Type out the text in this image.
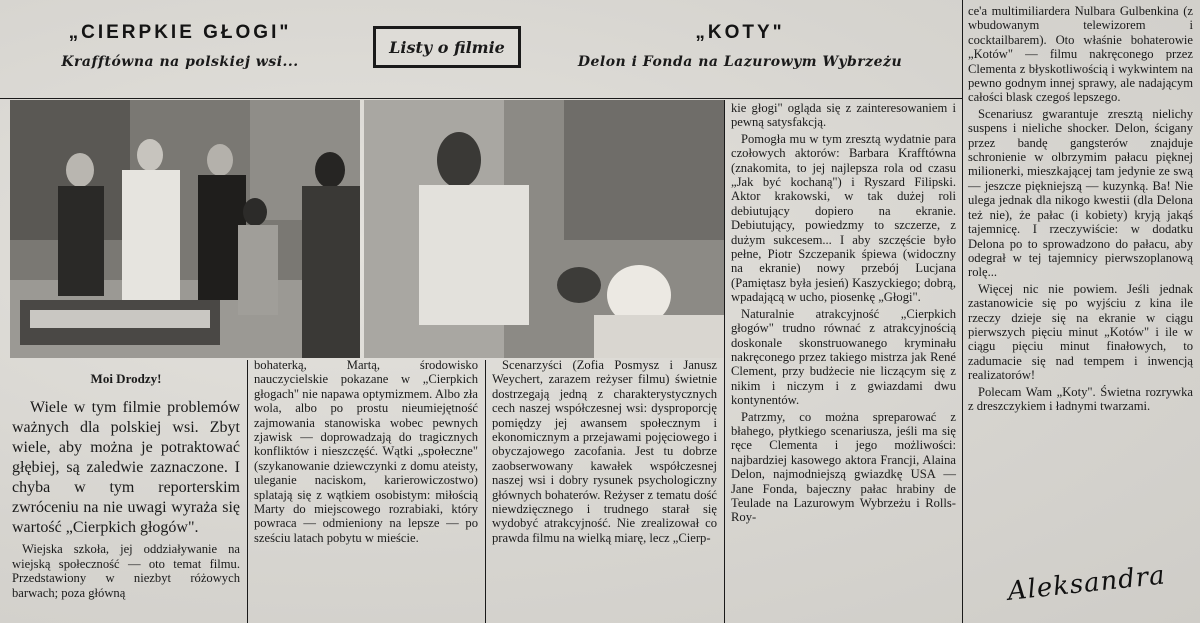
„CIERPKIE GŁOGI"
Krafftówna na polskiej wsi...
Listy o filmie
„KOTY"
Delon i Fonda na Lazurowym Wybrzeżu

Moi Drodzy!

Wiele w tym filmie problemów ważnych dla polskiej wsi. Zbyt wiele, aby można je potraktować głębiej, są zaledwie zaznaczone. I chyba w tym reporterskim zwróceniu na nie uwagi wyraża się wartość „Cierpkich głogów".

Wiejska szkoła, jej oddziaływanie na wiejską społeczność — oto temat filmu. Przedstawiony w niezbyt różowych barwach; poza główną

bohaterką, Martą, środowisko nauczycielskie pokazane w „Cierpkich głogach" nie napawa optymizmem. Albo zła wola, albo po prostu nieumiejętność zajmowania stanowiska wobec pewnych zjawisk — doprowadzają do tragicznych konfliktów i nieszczęść. Wątki „społeczne" (szykanowanie dziewczynki z domu ateisty, uleganie naciskom, karierowiczostwo) splatają się z wątkiem osobistym: miłością Marty do miejscowego rozrabiaki, który powraca — odmieniony na lepsze — po sześciu latach pobytu w mieście.

Scenarzyści (Zofia Posmysz i Janusz Weychert, zarazem reżyser filmu) świetnie dostrzegają jedną z charakterystycznych cech naszej współczesnej wsi: dysproporcję pomiędzy jej awansem społecznym i ekonomicznym a przejawami pojęciowego i obyczajowego zacofania. Jest tu dobrze zaobserwowany kawałek współczesnej naszej wsi i dobry rysunek psychologiczny głównych bohaterów. Reżyser z tematu dość niewdzięcznego i trudnego starał się wydobyć atrakcyjność. Nie zrealizował co prawda filmu na wielką miarę, lecz „Cierp-

kie głogi" ogląda się z zainteresowaniem i pewną satysfakcją.

Pomogła mu w tym zresztą wydatnie para czołowych aktorów: Barbara Krafftówna (znakomita, to jej najlepsza rola od czasu „Jak być kochaną") i Ryszard Filipski. Aktor krakowski, w tak dużej roli debiutujący dopiero na ekranie. Debiutujący, powiedzmy to szczerze, z dużym sukcesem... I aby szczęście było pełne, Piotr Szczepanik śpiewa (widoczny na ekranie) nowy przebój Lucjana (Pamiętasz była jesień) Kaszyckiego; dobrą, wpadającą w ucho, piosenkę „Głogi".

Naturalnie atrakcyjność „Cierpkich głogów" trudno równać z atrakcyjnością doskonale skonstruowanego kryminału nakręconego przez takiego mistrza jak René Clement, przy budżecie nie liczącym się z nikim i niczym i z gwiazdami dwu kontynentów.

Patrzmy, co można spreparować z błahego, płytkiego scenariusza, jeśli ma się ręce Clementa i jego możliwości: najbardziej kasowego aktora Francji, Alaina Delon, najmodniejszą gwiazdkę USA — Jane Fonda, bajeczny pałac hrabiny de Teulade na Lazurowym Wybrzeżu i Rolls-Roy-

ce'a multimiliardera Nulbara Gulbenkina (z wbudowanym telewizorem i cocktailbarem). Oto właśnie bohaterowie „Kotów" — filmu nakręconego przez Clementa z błyskotliwością i wykwintem na pewno godnym innej sprawy, ale nadającym całości blask czegoś lepszego.

Scenariusz gwarantuje zresztą nielichy suspens i nieliche shocker. Delon, ścigany przez bandę gangsterów znajduje schronienie w olbrzymim pałacu pięknej milionerki, mieszkającej tam jedynie ze swą — jeszcze piękniejszą — kuzynką. Ba! Nie ulega jednak dla nikogo kwestii (dla Delona też nie), że pałac (i kobiety) kryją jakąś tajemnicę. I rzeczywiście: w dodatku Delona po to sprowadzono do pałacu, aby odegrał w tej tajemnicy pierwszoplanową rolę...

Więcej nic nie powiem. Jeśli jednak zastanowicie się po wyjściu z kina ile rzeczy dzieje się na ekranie w ciągu pierwszych pięciu minut „Kotów" i ile w ciągu pięciu minut finałowych, to zadumacie się nad tempem i inwencją realizatorów!

Polecam Wam „Koty". Świetna rozrywka z dreszczykiem i ładnymi twarzami.

Aleksandra
